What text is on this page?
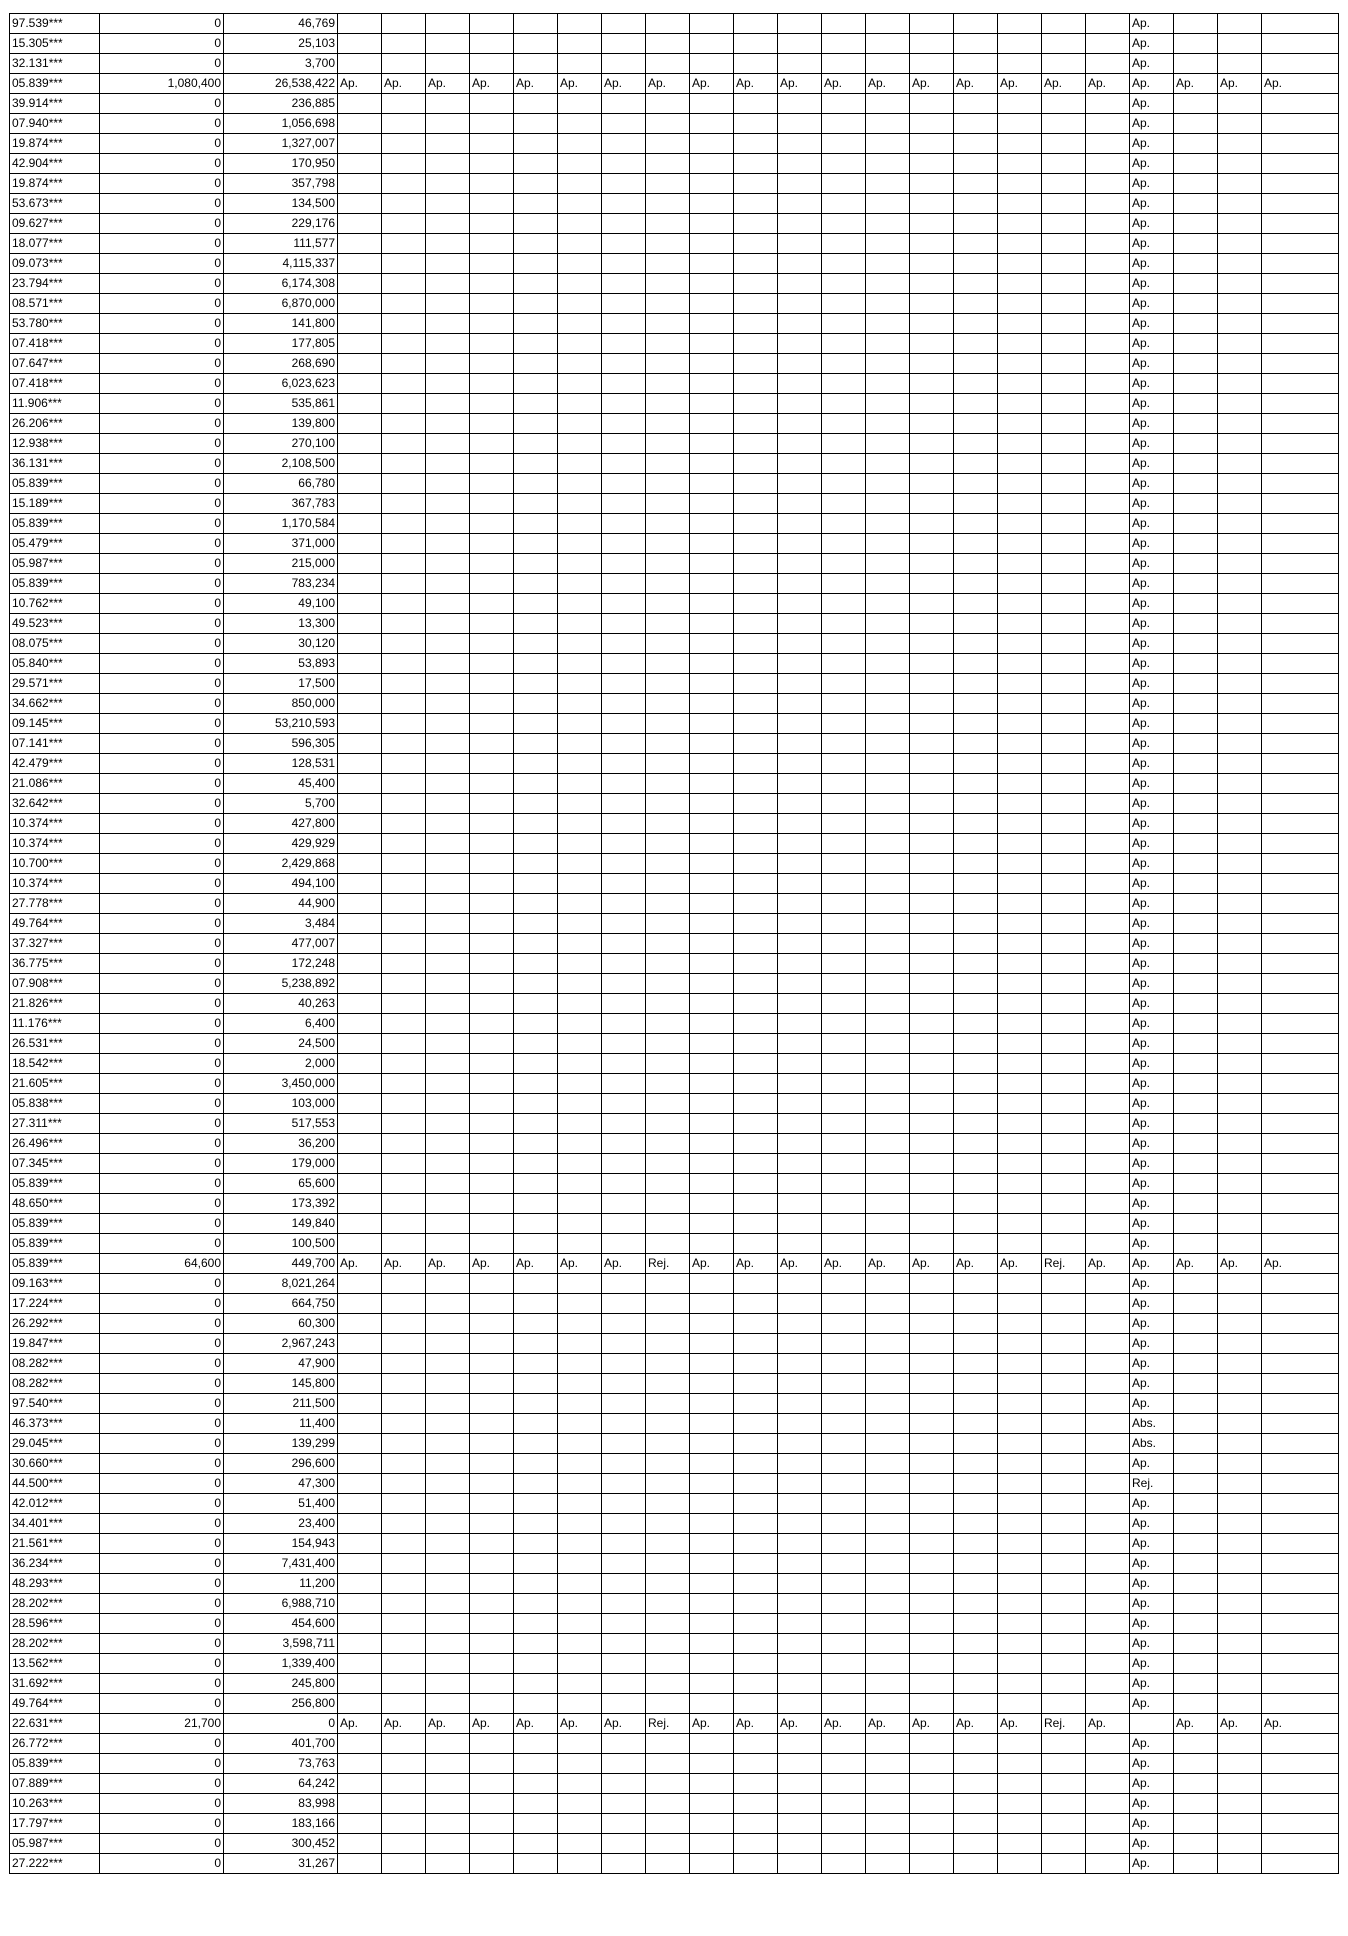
97.539***	0	46,769																			Ap.			
15.305***	0	25,103																			Ap.			
32.131***	0	3,700																			Ap.			
05.839***	1,080,400	26,538,422	Ap.	Ap.	Ap.	Ap.	Ap.	Ap.	Ap.	Ap.	Ap.	Ap.	Ap.	Ap.	Ap.	Ap.	Ap.	Ap.	Ap.	Ap.	Ap.	Ap.	Ap.	Ap.
39.914***	0	236,885																			Ap.			
07.940***	0	1,056,698																			Ap.			
19.874***	0	1,327,007																			Ap.			
42.904***	0	170,950																			Ap.			
19.874***	0	357,798																			Ap.			
53.673***	0	134,500																			Ap.			
09.627***	0	229,176																			Ap.			
18.077***	0	111,577																			Ap.			
09.073***	0	4,115,337																			Ap.			
23.794***	0	6,174,308																			Ap.			
08.571***	0	6,870,000																			Ap.			
53.780***	0	141,800																			Ap.			
07.418***	0	177,805																			Ap.			
07.647***	0	268,690																			Ap.			
07.418***	0	6,023,623																			Ap.			
11.906***	0	535,861																			Ap.			
26.206***	0	139,800																			Ap.			
12.938***	0	270,100																			Ap.			
36.131***	0	2,108,500																			Ap.			
05.839***	0	66,780																			Ap.			
15.189***	0	367,783																			Ap.			
05.839***	0	1,170,584																			Ap.			
05.479***	0	371,000																			Ap.			
05.987***	0	215,000																			Ap.			
05.839***	0	783,234																			Ap.			
10.762***	0	49,100																			Ap.			
49.523***	0	13,300																			Ap.			
08.075***	0	30,120																			Ap.			
05.840***	0	53,893																			Ap.			
29.571***	0	17,500																			Ap.			
34.662***	0	850,000																			Ap.			
09.145***	0	53,210,593																			Ap.			
07.141***	0	596,305																			Ap.			
42.479***	0	128,531																			Ap.			
21.086***	0	45,400																			Ap.			
32.642***	0	5,700																			Ap.			
10.374***	0	427,800																			Ap.			
10.374***	0	429,929																			Ap.			
10.700***	0	2,429,868																			Ap.			
10.374***	0	494,100																			Ap.			
27.778***	0	44,900																			Ap.			
49.764***	0	3,484																			Ap.			
37.327***	0	477,007																			Ap.			
36.775***	0	172,248																			Ap.			
07.908***	0	5,238,892																			Ap.			
21.826***	0	40,263																			Ap.			
11.176***	0	6,400																			Ap.			
26.531***	0	24,500																			Ap.			
18.542***	0	2,000																			Ap.			
21.605***	0	3,450,000																			Ap.			
05.838***	0	103,000																			Ap.			
27.311***	0	517,553																			Ap.			
26.496***	0	36,200																			Ap.			
07.345***	0	179,000																			Ap.			
05.839***	0	65,600																			Ap.			
48.650***	0	173,392																			Ap.			
05.839***	0	149,840																			Ap.			
05.839***	0	100,500																			Ap.			
05.839***	64,600	449,700	Ap.	Ap.	Ap.	Ap.	Ap.	Ap.	Ap.	Rej.	Ap.	Ap.	Ap.	Ap.	Ap.	Ap.	Ap.	Ap.	Rej.	Ap.	Ap.	Ap.	Ap.	Ap.
09.163***	0	8,021,264																			Ap.			
17.224***	0	664,750																			Ap.			
26.292***	0	60,300																			Ap.			
19.847***	0	2,967,243																			Ap.			
08.282***	0	47,900																			Ap.			
08.282***	0	145,800																			Ap.			
97.540***	0	211,500																			Ap.			
46.373***	0	11,400																			Abs.			
29.045***	0	139,299																			Abs.			
30.660***	0	296,600																			Ap.			
44.500***	0	47,300																			Rej.			
42.012***	0	51,400																			Ap.			
34.401***	0	23,400																			Ap.			
21.561***	0	154,943																			Ap.			
36.234***	0	7,431,400																			Ap.			
48.293***	0	11,200																			Ap.			
28.202***	0	6,988,710																			Ap.			
28.596***	0	454,600																			Ap.			
28.202***	0	3,598,711																			Ap.			
13.562***	0	1,339,400																			Ap.			
31.692***	0	245,800																			Ap.			
49.764***	0	256,800																			Ap.			
22.631***	21,700	0	Ap.	Ap.	Ap.	Ap.	Ap.	Ap.	Ap.	Rej.	Ap.	Ap.	Ap.	Ap.	Ap.	Ap.	Ap.	Ap.	Rej.	Ap.		Ap.	Ap.	Ap.
26.772***	0	401,700																			Ap.			
05.839***	0	73,763																			Ap.			
07.889***	0	64,242																			Ap.			
10.263***	0	83,998																			Ap.			
17.797***	0	183,166																			Ap.			
05.987***	0	300,452																			Ap.			
27.222***	0	31,267																			Ap.			
